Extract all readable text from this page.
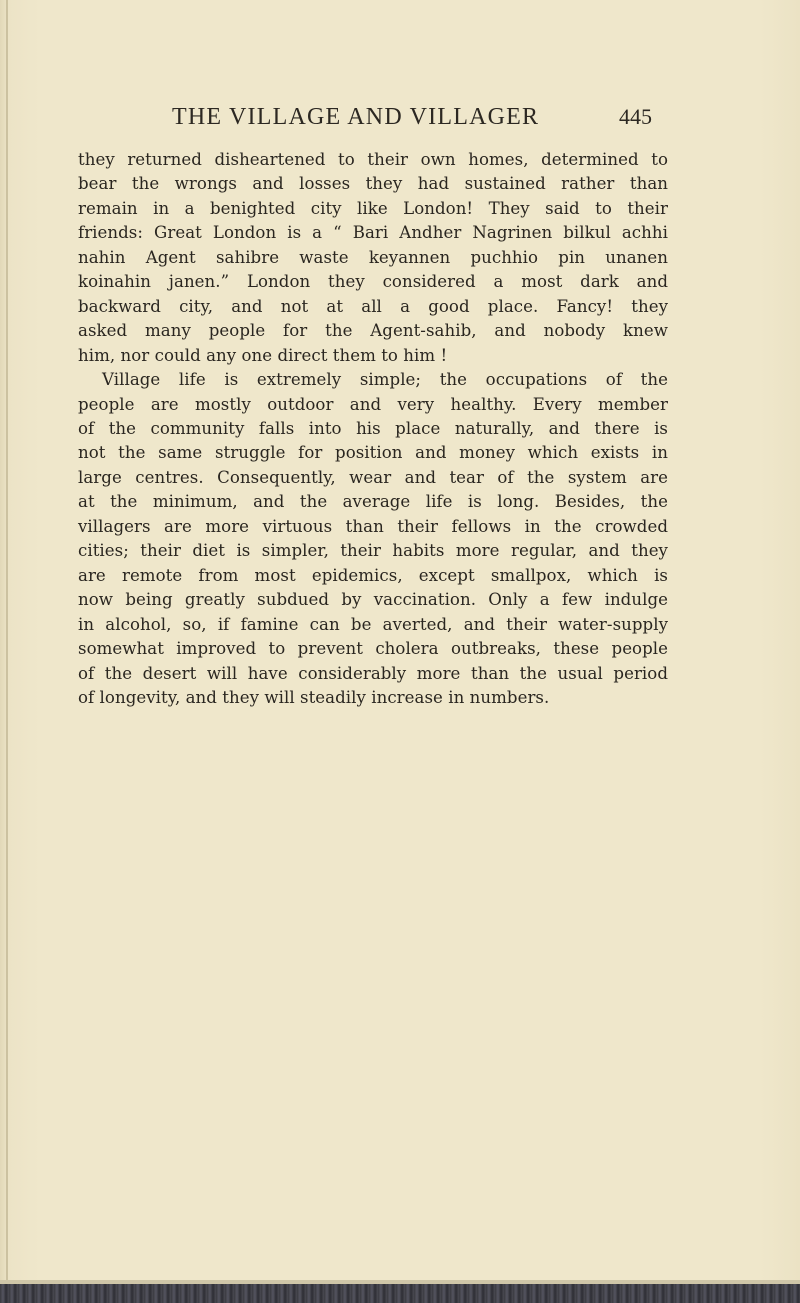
THE VILLAGE AND VILLAGER	445
they returned disheartened to their own homes, determined to
bear the wrongs and losses they had sustained rather than
remain in a benighted city like London! They said to their
friends: Great London is a “ Bari Andher Nagrinen bilkul achhi
nahin Agent sahibre waste keyannen puchhio pin unanen
koinahin janen.” London they considered a most dark and
backward city, and not at all a good place. Fancy! they
asked many people for the Agent-sahib, and nobody knew
him, nor could any one direct them to him !
Village life is extremely simple; the occupations of the
people are mostly outdoor and very healthy. Every member
of the community falls into his place naturally, and there is
not the same struggle for position and money which exists in
large centres. Consequently, wear and tear of the system are
at the minimum, and the average life is long. Besides, the
villagers are more virtuous than their fellows in the crowded
cities; their diet is simpler, their habits more regular, and they
are remote from most epidemics, except smallpox, which is
now being greatly subdued by vaccination. Only a few indulge
in alcohol, so, if famine can be averted, and their water-supply
somewhat improved to prevent cholera outbreaks, these people
of the desert will have considerably more than the usual period
of longevity, and they will steadily increase in numbers.
